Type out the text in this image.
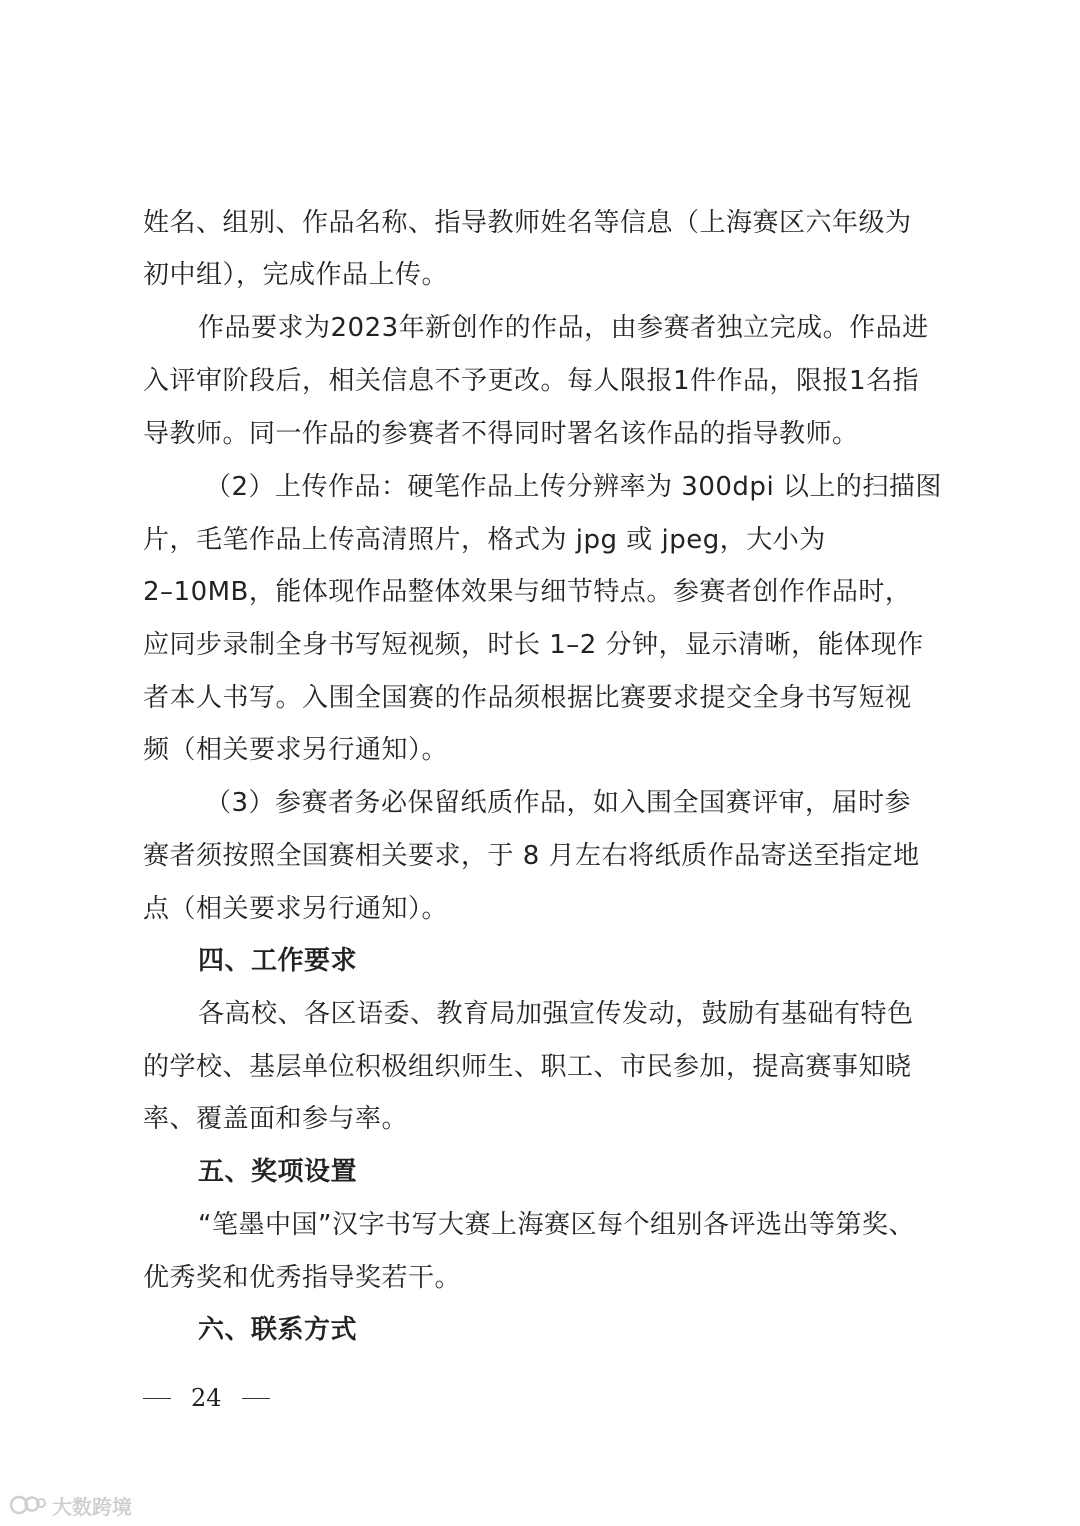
姓名、组别、作品名称、指导教师姓名等信息（上海赛区六年级为
初中组），完成作品上传。
作品要求为2023年新创作的作品，由参赛者独立完成。作品进
入评审阶段后，相关信息不予更改。每人限报1件作品，限报1名指
导教师。同一作品的参赛者不得同时署名该作品的指导教师。
（2）上传作品：硬笔作品上传分辨率为 300dpi 以上的扫描图
片，毛笔作品上传高清照片，格式为 jpg 或 jpeg，大小为
2–10MB，能体现作品整体效果与细节特点。参赛者创作作品时，
应同步录制全身书写短视频，时长 1–2 分钟，显示清晰，能体现作
者本人书写。入围全国赛的作品须根据比赛要求提交全身书写短视
频（相关要求另行通知）。
（3）参赛者务必保留纸质作品，如入围全国赛评审，届时参
赛者须按照全国赛相关要求，于 8 月左右将纸质作品寄送至指定地
点（相关要求另行通知）。
四、工作要求
各高校、各区语委、教育局加强宣传发动，鼓励有基础有特色
的学校、基层单位积极组织师生、职工、市民参加，提高赛事知晓
率、覆盖面和参与率。
五、奖项设置
“笔墨中国”汉字书写大赛上海赛区每个组别各评选出等第奖、
优秀奖和优秀指导奖若干。
六、联系方式
24
大数跨境
